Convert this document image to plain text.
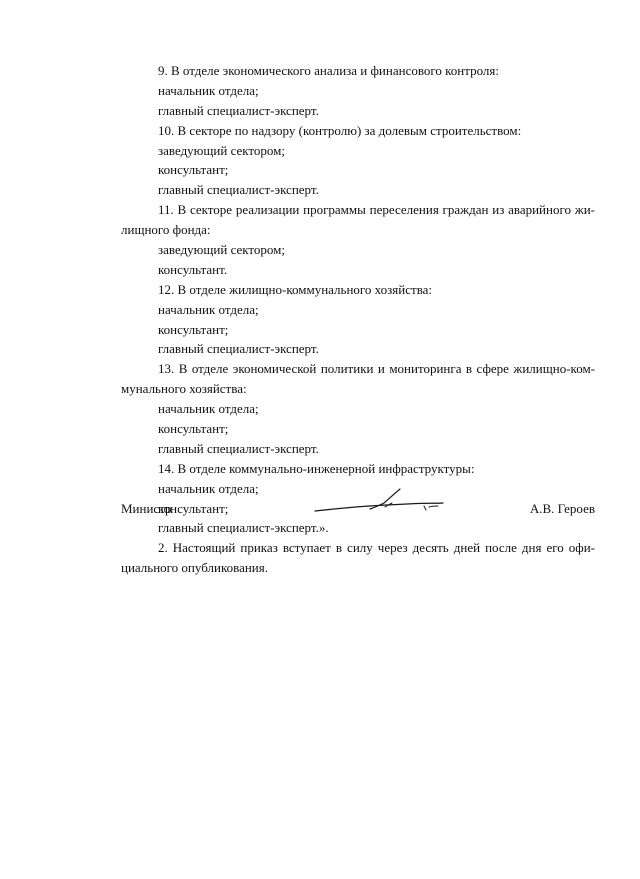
9. В отделе экономического анализа и финансового контроля:
начальник отдела;
главный специалист-эксперт.
10. В секторе по надзору (контролю) за долевым строительством:
заведующий сектором;
консультант;
главный специалист-эксперт.
11. В секторе реализации программы переселения граждан из аварийного жи-
лищного фонда:
заведующий сектором;
консультант.
12. В отделе жилищно-коммунального хозяйства:
начальник отдела;
консультант;
главный специалист-эксперт.
13. В отделе экономической политики и мониторинга в сфере жилищно-ком-
мунального хозяйства:
начальник отдела;
консультант;
главный специалист-эксперт.
14. В отделе коммунально-инженерной инфраструктуры:
начальник отдела;
консультант;
главный специалист-эксперт.».
2. Настоящий приказ вступает в силу через десять дней после дня его офи-
циального опубликования.
Министр	А.В. Героев
